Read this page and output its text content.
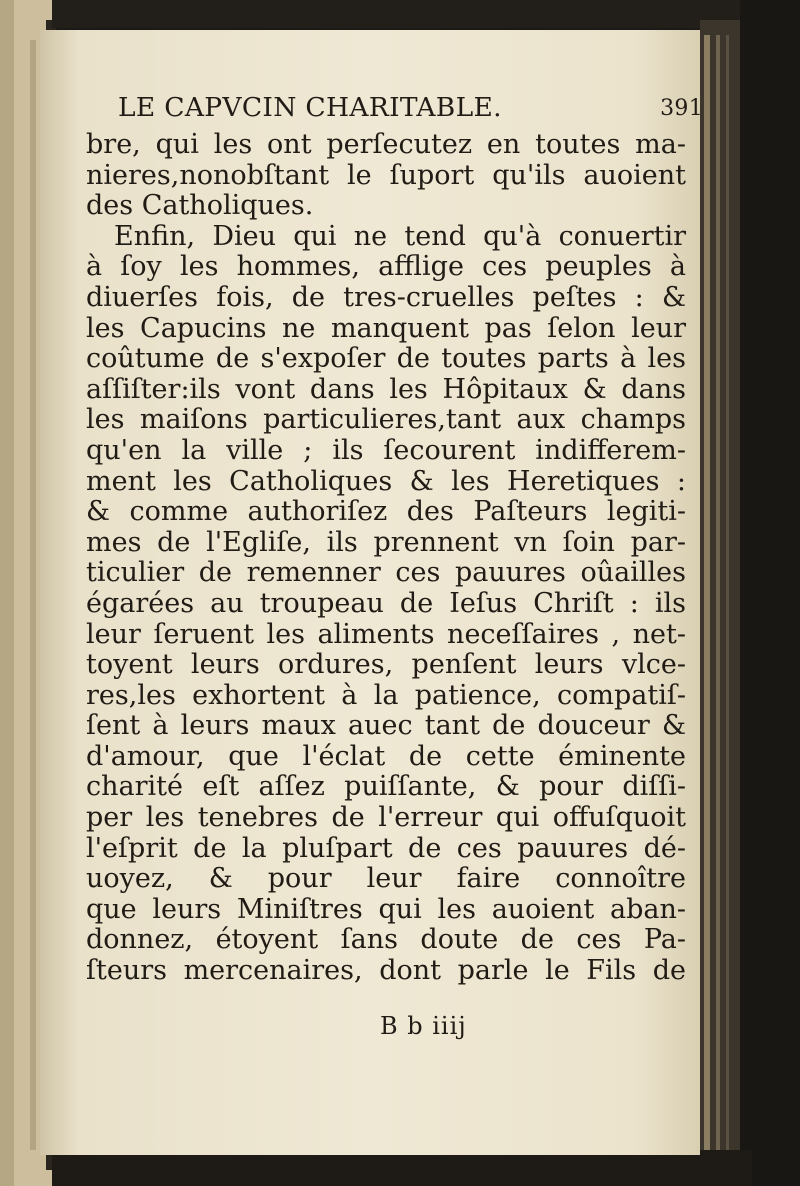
LE CAPVCIN CHARITABLE.	391
bre, qui les ont perſecutez en toutes ma-
nieres,nonobſtant le ſuport qu'ils auoient
des Catholiques.
Enfin, Dieu qui ne tend qu'à conuertir
à ſoy les hommes, afflige ces peuples à
diuerſes fois, de tres-cruelles peſtes : &
les Capucins ne manquent pas ſelon leur
coûtume de s'expoſer de toutes parts à les
aſſiſter:ils vont dans les Hôpitaux & dans
les maiſons particulieres,tant aux champs
qu'en la ville ; ils ſecourent indifferem-
ment les Catholiques & les Heretiques :
& comme authoriſez des Paſteurs legiti-
mes de l'Egliſe, ils prennent vn ſoin par-
ticulier de remenner ces pauures oûailles
égarées au troupeau de Ieſus Chriſt : ils
leur ſeruent les aliments neceſſaires , net-
toyent leurs ordures, penſent leurs vlce-
res,les exhortent à la patience, compatiſ-
ſent à leurs maux auec tant de douceur &
d'amour, que l'éclat de cette éminente
charité eſt aſſez puiſſante, & pour diſſi-
per les tenebres de l'erreur qui offuſquoit
l'eſprit de la pluſpart de ces pauures dé-
uoyez, & pour leur faire connoître
que leurs Miniſtres qui les auoient aban-
donnez, étoyent ſans doute de ces Pa-
ſteurs mercenaires, dont parle le Fils de
B b iiij
